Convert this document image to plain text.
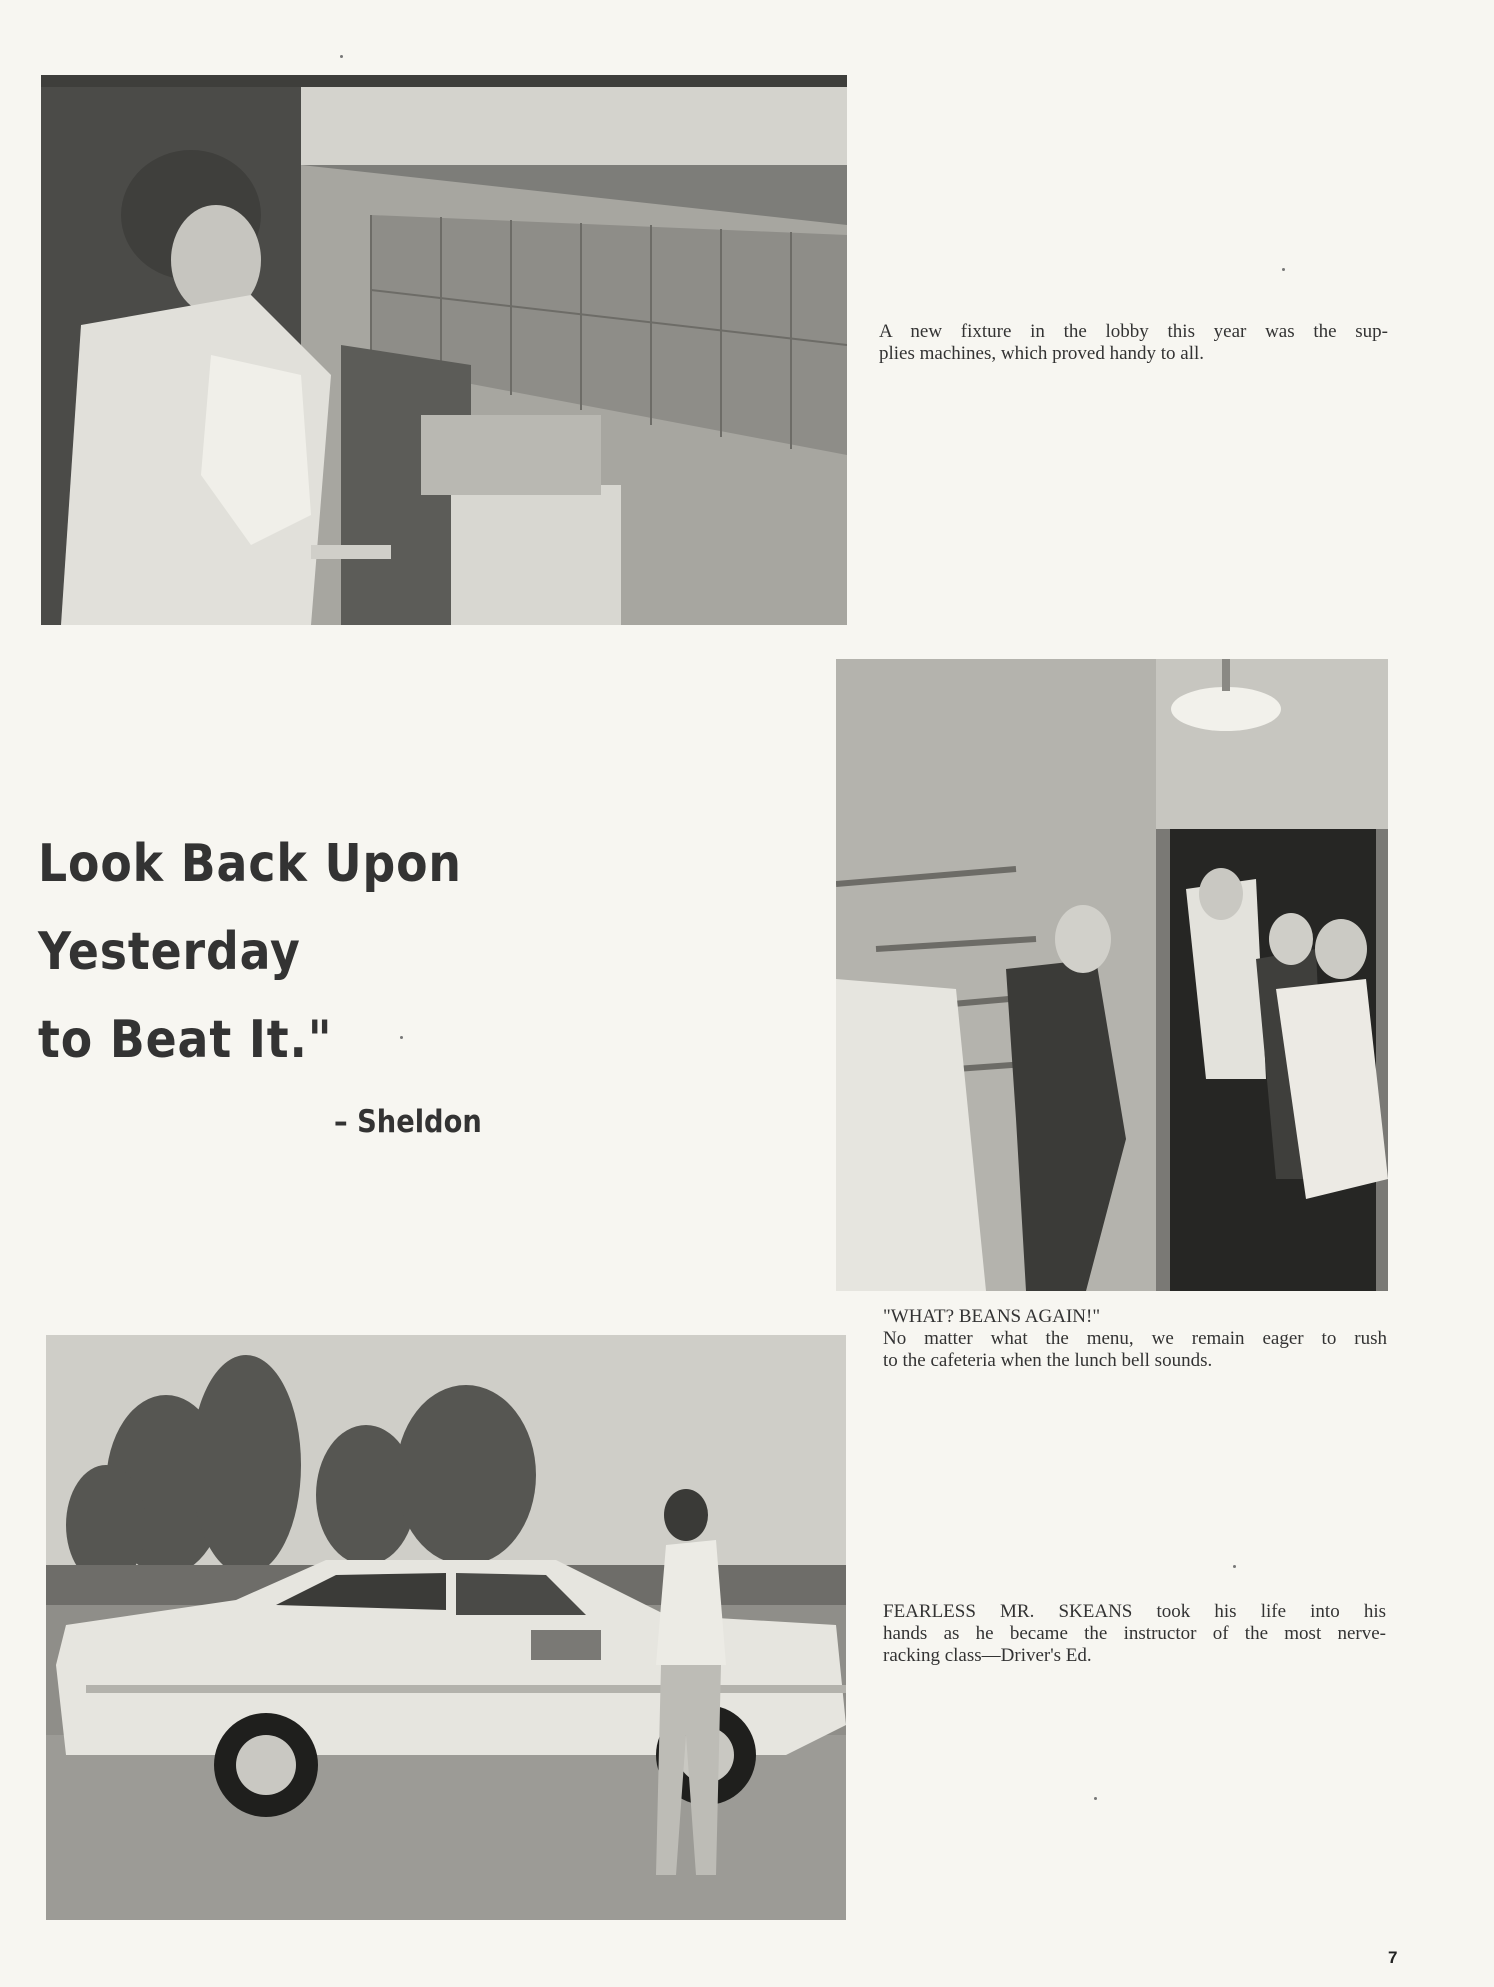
A new fixture in the lobby this year was the sup-
plies machines, which proved handy to all.
"WHAT? BEANS AGAIN!"
No matter what the menu, we remain eager to rush
to the cafeteria when the lunch bell sounds.
Look Back Upon
Yesterday
to Beat It."
– Sheldon
FEARLESS MR. SKEANS took his life into his
hands as he became the instructor of the most nerve-
racking class—Driver's Ed.
7
